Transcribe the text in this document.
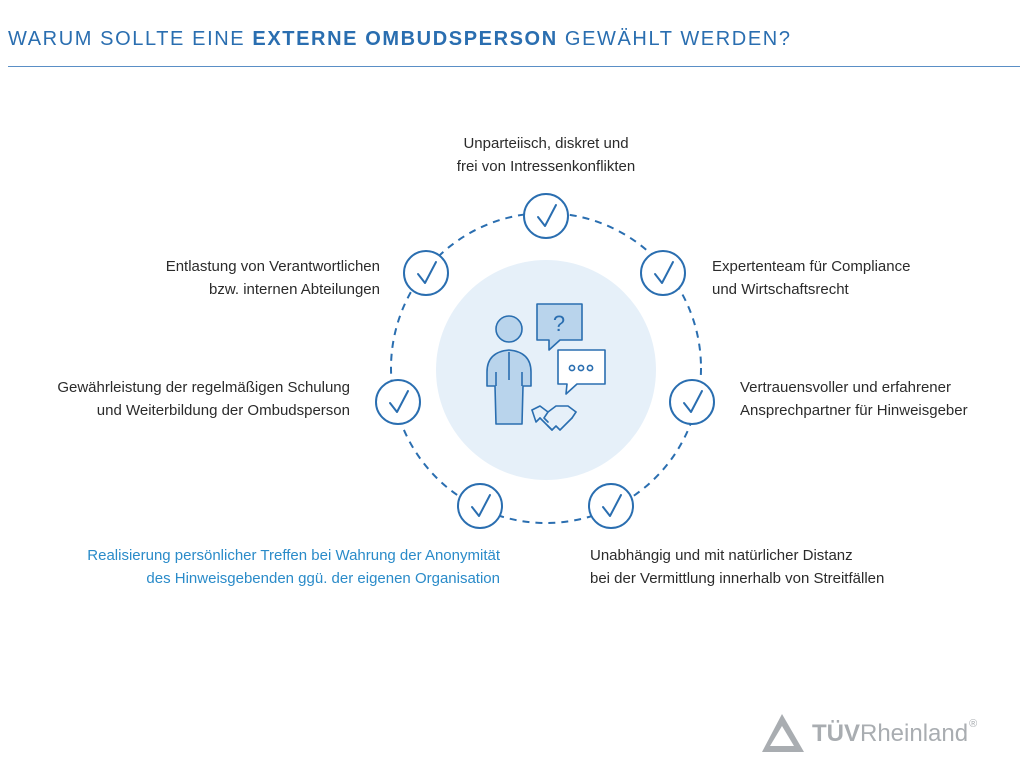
WARUM SOLLTE EINE EXTERNE OMBUDSPERSON GEWÄHLT WERDEN?
?
Unparteiisch, diskret und
frei von Intressenkonflikten
Expertenteam für Compliance
und Wirtschaftsrecht
Vertrauensvoller und erfahrener
Ansprechpartner für Hinweisgeber
Unabhängig und mit natürlicher Distanz
bei der Vermittlung innerhalb von Streitfällen
Realisierung persönlicher Treffen bei Wahrung der Anonymität
des Hinweisgebenden ggü. der eigenen Organisation
Gewährleistung der regelmäßigen Schulung
und Weiterbildung der Ombudsperson
Entlastung von Verantwortlichen
bzw. internen Abteilungen
TÜVRheinland®
